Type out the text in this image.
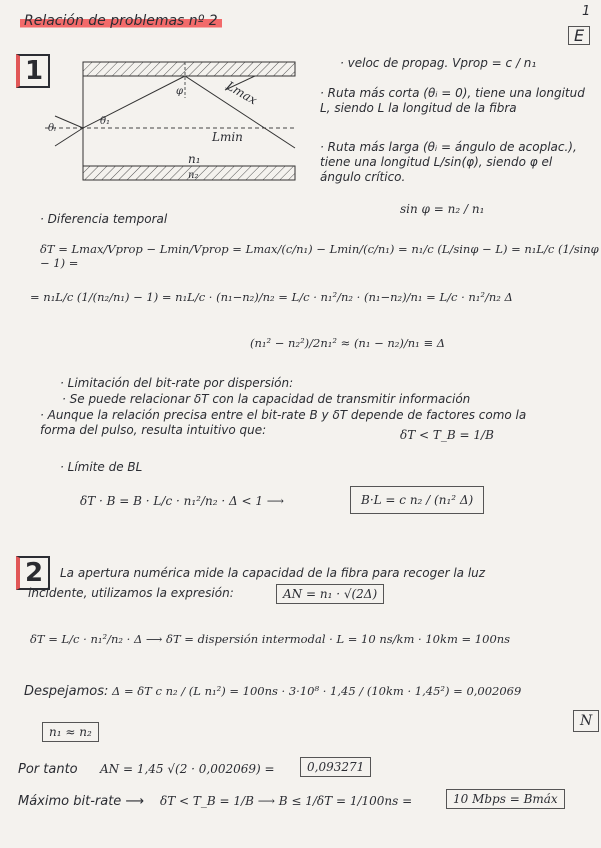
Relación de problemas nº 2
1
E
1
Lmax
Lmin
n₁
n₂
θᵢ
φ
θ₁
· veloc de propag. Vprop = c / n₁
· Ruta más corta (θᵢ = 0), tiene una longitud L, siendo L la longitud de la fibra
· Ruta más larga (θᵢ = ángulo de acoplac.), tiene una longitud L/sin(φ), siendo φ el ángulo crítico.
sin φ = n₂ / n₁
· Diferencia temporal
δT = Lmax/Vprop − Lmin/Vprop = Lmax/(c/n₁) − Lmin/(c/n₁) = n₁/c (L/sinφ − L) = n₁L/c (1/sinφ − 1) =
= n₁L/c (1/(n₂/n₁) − 1) = n₁L/c · (n₁−n₂)/n₂ = L/c · n₁²/n₂ · (n₁−n₂)/n₁ = L/c · n₁²/n₂ Δ
(n₁² − n₂²)/2n₁² ≈ (n₁ − n₂)/n₁ ≡ Δ
· Limitación del bit-rate por dispersión:
· Se puede relacionar δT con la capacidad de transmitir información
· Aunque la relación precisa entre el bit-rate B y δT depende de factores como la forma del pulso, resulta intuitivo que:	δT < T_B = 1/B
· Límite de BL
δT · B = B · L/c · n₁²/n₂ · Δ < 1 ⟶	B·L = c n₂ / (n₁² Δ)
2	La apertura numérica mide la capacidad de la fibra para recoger la luz
incidente, utilizamos la expresión:	AN = n₁ · √(2Δ)
δT = L/c · n₁²/n₂ · Δ ⟶ δT = dispersión intermodal · L = 10 ns/km · 10km = 100ns
Despejamos: Δ = δT c n₂ / (L n₁²) = 100ns · 3·10⁸ · 1,45 / (10km · 1,45²) = 0,002069
n₁ ≈ n₂
N
Por tanto AN = 1,45 √(2 · 0,002069) =	0,093271
Máximo bit-rate ⟶ δT < T_B = 1/B ⟶ B ≤ 1/δT = 1/100ns =	10 Mbps = Bmáx
